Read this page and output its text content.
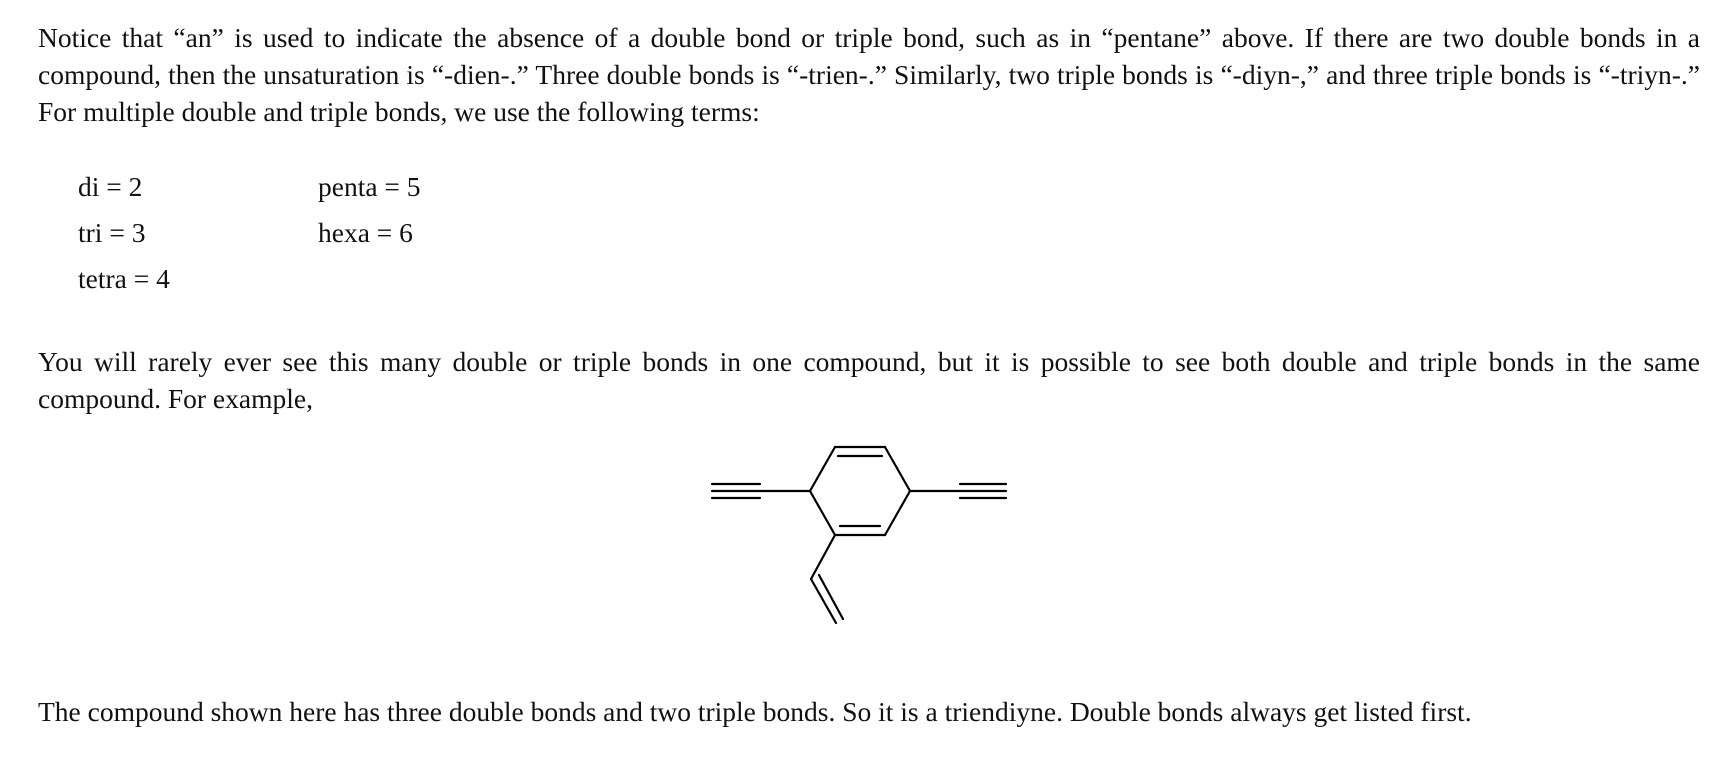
Notice that “an” is used to indicate the absence of a double bond or triple bond, such as in “pentane” above. If there are two double bonds in a compound, then the unsaturation is “-dien-.” Three double bonds is “-trien-.” Similarly, two triple bonds is “-diyn-,” and three triple bonds is “-triyn-.” For multiple double and triple bonds, we use the following terms:

di = 2
tri = 3
tetra = 4
penta = 5
hexa = 6

You will rarely ever see this many double or triple bonds in one compound, but it is possible to see both double and triple bonds in the same compound. For example,

The compound shown here has three double bonds and two triple bonds. So it is a triendiyne. Double bonds always get listed first.
